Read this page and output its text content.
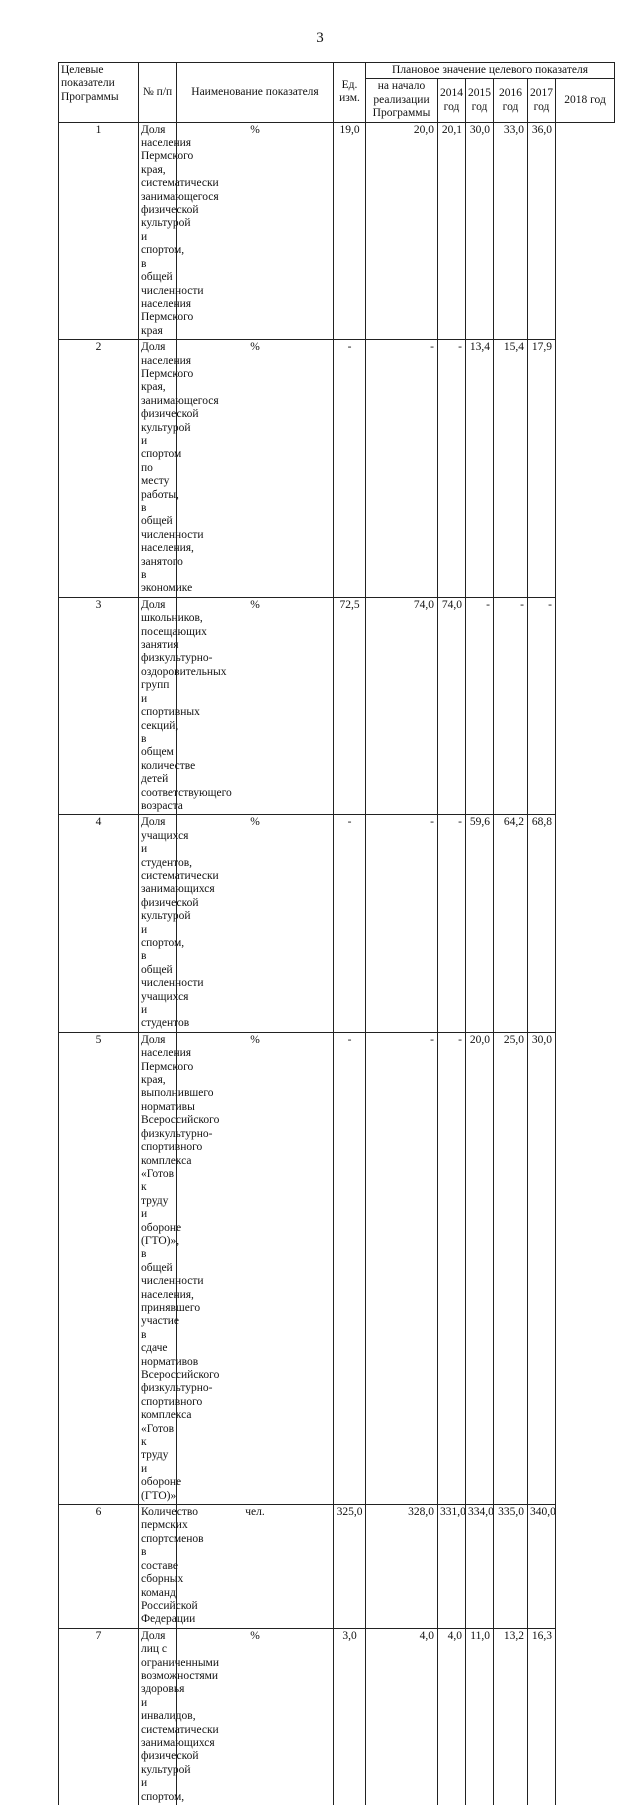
3
Целевые показатели Программы	№ п/п	Наименование показателя	Ед. изм.	Плановое значение целевого показателя					
				на начало реализации Программы	2014 год	2015 год	2016 год	2017 год	2018 год
1	Доля населения Пермского края, систематически занимающегося физической культурой и спортом, в общей численности населения Пермского края	%	19,0	20,0	20,1	30,0	33,0	36,0	
2	Доля населения Пермского края, занимающегося физической культурой и спортом по месту работы, в общей численности населения, занятого в экономике	%	-	-	-	13,4	15,4	17,9	
3	Доля школьников, посещающих занятия физкультурно-оздоровительных групп и спортивных секций, в общем количестве детей соответствующего возраста	%	72,5	74,0	74,0	-	-	-	
4	Доля учащихся и студентов, систематически занимающихся физической культурой и спортом, в общей численности учащихся и студентов	%	-	-	-	59,6	64,2	68,8	
5	Доля населения Пермского края, выполнившего нормативы Всероссийского физкультурно-спортивного комплекса «Готов к труду и обороне (ГТО)», в общей численности населения, принявшего участие в сдаче нормативов Всероссийского физкультурно-спортивного комплекса «Готов к труду и обороне (ГТО)»	%	-	-	-	20,0	25,0	30,0	
6	Количество пермских спортсменов в составе сборных команд Российской Федерации	чел.	325,0	328,0	331,0	334,0	335,0	340,0	
7	Доля лиц с ограниченными возможностями здоровья и инвалидов, систематически занимающихся физической культурой и спортом,	%	3,0	4,0	4,0	11,0	13,2	16,3	
